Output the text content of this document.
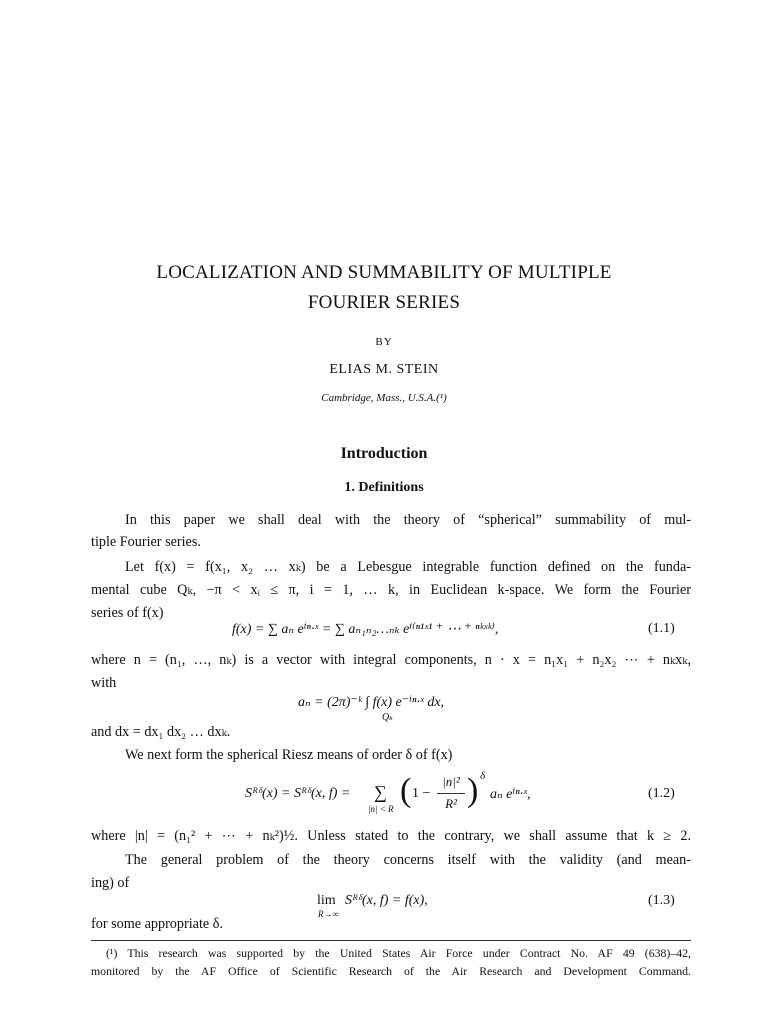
LOCALIZATION AND SUMMABILITY OF MULTIPLE
FOURIER SERIES
BY
ELIAS M. STEIN
Cambridge, Mass., U.S.A.(¹)
Introduction
1. Definitions
In this paper we shall deal with the theory of “spherical” summability of mul-
tiple Fourier series.
Let f(x) = f(x₁, x₂ … xₖ) be a Lebesgue integrable function defined on the funda-
mental cube Qₖ, −π < xᵢ ≤ π, i = 1, … k, in Euclidean k-space. We form the Fourier
series of f(x)
f(x) = ∑ aₙ eⁱⁿ·ˣ = ∑ aₙ₁ₙ₂…ₙₖ eⁱ⁽ⁿ¹ˣ¹ ⁺ ⋯ ⁺ ⁿᵏˣᵏ⁾,	(1.1)
where n = (n₁, …, nₖ) is a vector with integral components, n · x = n₁x₁ + n₂x₂ ⋯ + nₖxₖ,
with
aₙ = (2π)⁻ᵏ ∫ f(x) e⁻ⁱⁿ·ˣ dx,
Qₖ
and dx = dx₁ dx₂ … dxₖ.
We next form the spherical Riesz means of order δ of f(x)
Sᴿᵟ(x) = Sᴿᵟ(x, f) = ∑
|n| < R ( 1 −
|n|²
R² ) δ
aₙ eⁱⁿ·ˣ,	(1.2)
where |n| = (n₁² + ⋯ + nₖ²)½. Unless stated to the contrary, we shall assume that k ≥ 2.
The general problem of the theory concerns itself with the validity (and mean-
ing) of
lim
R→∞
Sᴿᵟ(x, f) = f(x),	(1.3)
for some appropriate δ.
(¹) This research was supported by the United States Air Force under Contract No. AF 49 (638)–42,
monitored by the AF Office of Scientific Research of the Air Research and Development Command.
